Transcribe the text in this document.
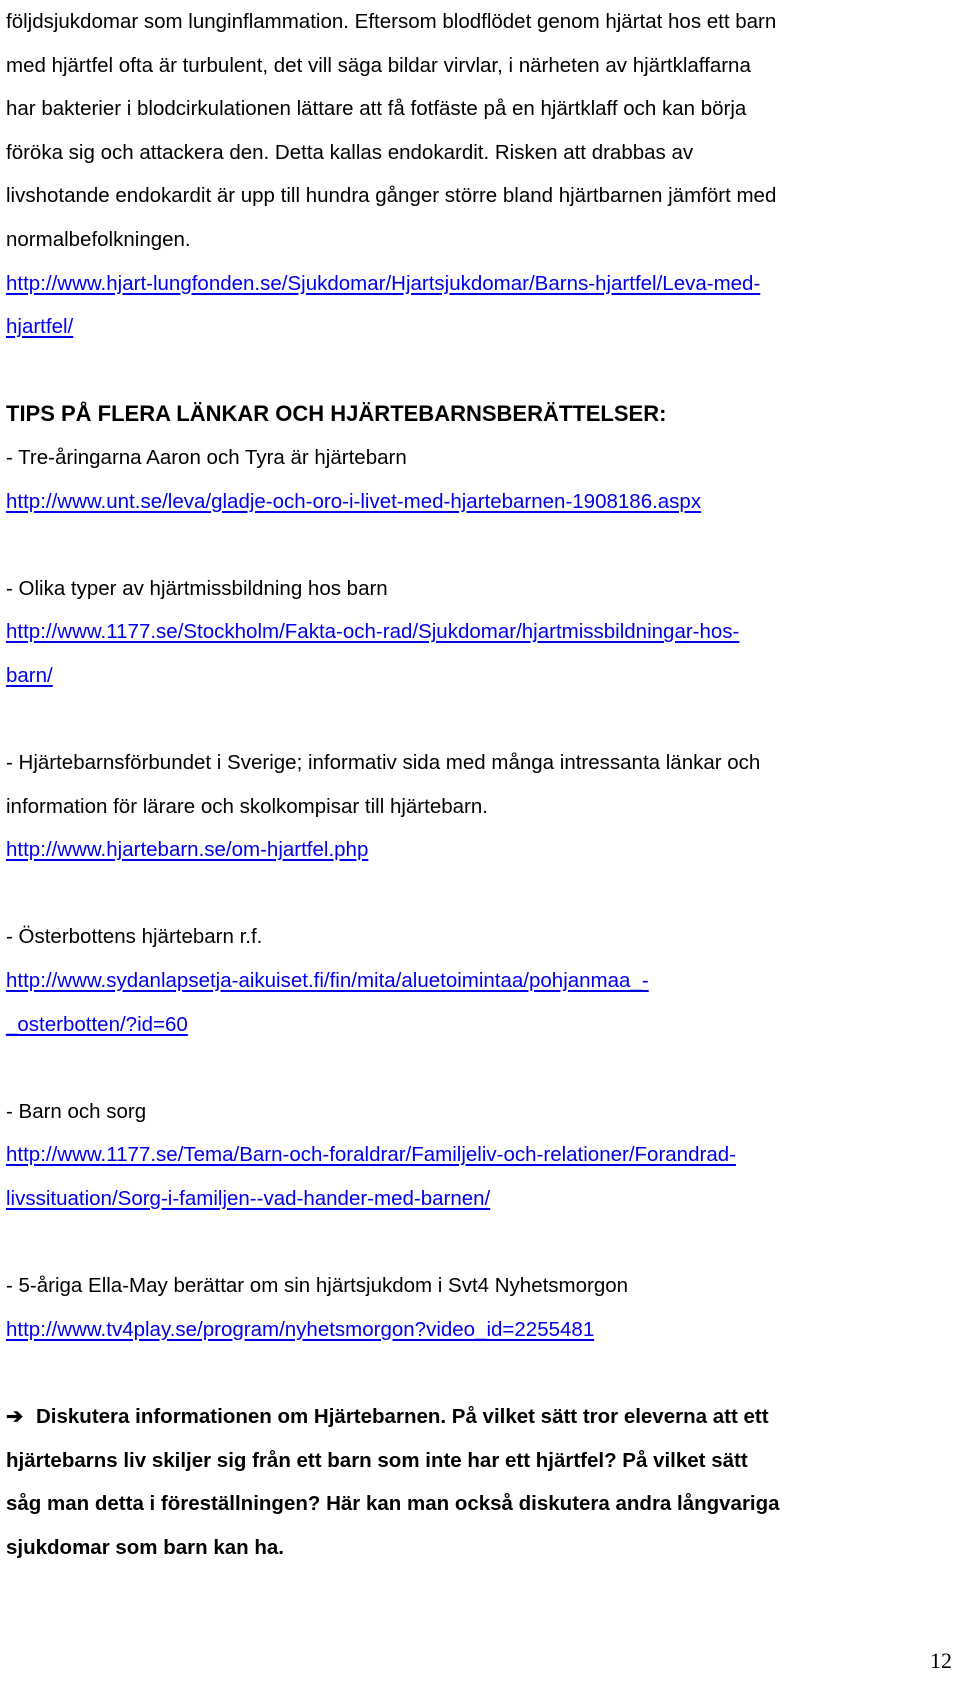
följdsjukdomar som lunginflammation. Eftersom blodflödet genom hjärtat hos ett barn
med hjärtfel ofta är turbulent, det vill säga bildar virvlar, i närheten av hjärtklaffarna
har bakterier i blodcirkulationen lättare att få fotfäste på en hjärtklaff och kan börja
föröka sig och attackera den. Detta kallas endokardit. Risken att drabbas av
livshotande endokardit är upp till hundra gånger större bland hjärtbarnen jämfört med
normalbefolkningen.
http://www.hjart-lungfonden.se/Sjukdomar/Hjartsjukdomar/Barns-hjartfel/Leva-med-
hjartfel/
TIPS PÅ FLERA LÄNKAR OCH HJÄRTEBARNSBERÄTTELSER:
- Tre-åringarna Aaron och Tyra är hjärtebarn
http://www.unt.se/leva/gladje-och-oro-i-livet-med-hjartebarnen-1908186.aspx
- Olika typer av hjärtmissbildning hos barn
http://www.1177.se/Stockholm/Fakta-och-rad/Sjukdomar/hjartmissbildningar-hos-
barn/
- Hjärtebarnsförbundet i Sverige; informativ sida med många intressanta länkar och
information för lärare och skolkompisar till hjärtebarn.
http://www.hjartebarn.se/om-hjartfel.php
- Österbottens hjärtebarn r.f.
http://www.sydanlapsetja-aikuiset.fi/fin/mita/aluetoimintaa/pohjanmaa_-
_osterbotten/?id=60
- Barn och sorg
http://www.1177.se/Tema/Barn-och-foraldrar/Familjeliv-och-relationer/Forandrad-
livssituation/Sorg-i-familjen--vad-hander-med-barnen/
- 5-åriga Ella-May berättar om sin hjärtsjukdom i Svt4 Nyhetsmorgon
http://www.tv4play.se/program/nyhetsmorgon?video_id=2255481
➔ Diskutera informationen om Hjärtebarnen. På vilket sätt tror eleverna att ett
hjärtebarns liv skiljer sig från ett barn som inte har ett hjärtfel? På vilket sätt
såg man detta i föreställningen? Här kan man också diskutera andra långvariga
sjukdomar som barn kan ha.
12
